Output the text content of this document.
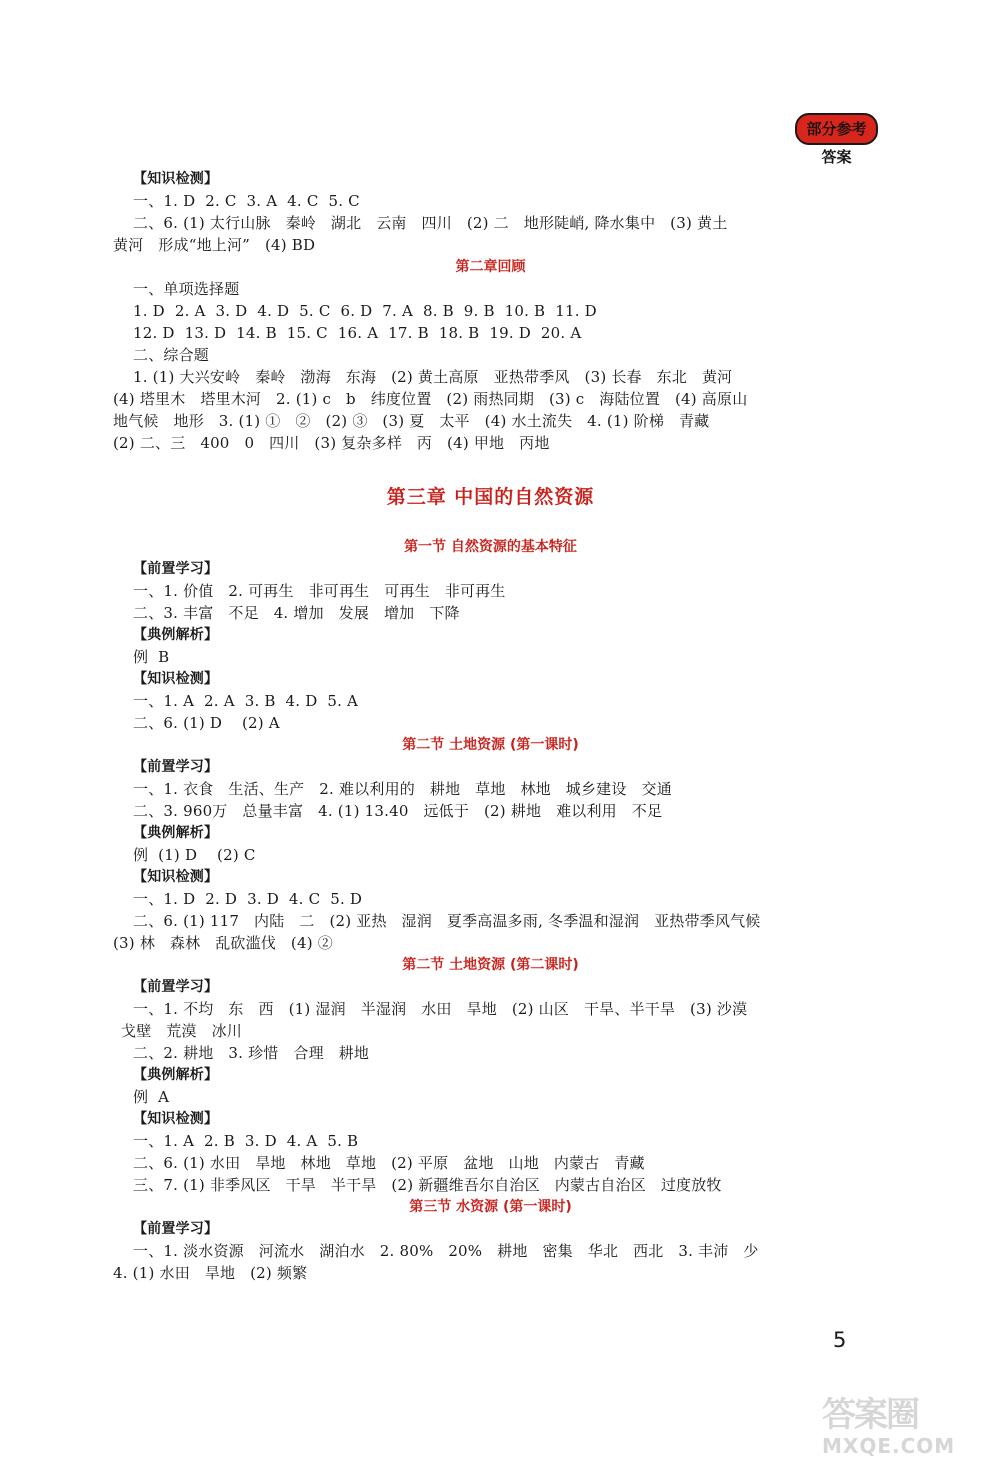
部分参考答案
【知识检测】
一、1. D  2. C  3. A  4. C  5. C
二、6. (1) 太行山脉   秦岭   湖北   云南   四川   (2) 二   地形陡峭, 降水集中   (3) 黄土
黄河   形成“地上河”   (4) BD
第二章回顾
一、单项选择题
1. D  2. A  3. D  4. D  5. C  6. D  7. A  8. B  9. B  10. B  11. D
12. D  13. D  14. B  15. C  16. A  17. B  18. B  19. D  20. A
二、综合题
1. (1) 大兴安岭   秦岭   渤海   东海   (2) 黄土高原   亚热带季风   (3) 长春   东北   黄河
(4) 塔里木   塔里木河   2. (1) c   b   纬度位置   (2) 雨热同期   (3) c   海陆位置   (4) 高原山
地气候   地形   3. (1) ①   ②   (2) ③   (3) 夏   太平   (4) 水土流失   4. (1) 阶梯   青藏
(2) 二、三   400   0   四川   (3) 复杂多样   丙   (4) 甲地   丙地
第三章 中国的自然资源
第一节 自然资源的基本特征
【前置学习】
一、1. 价值   2. 可再生   非可再生   可再生   非可再生
二、3. 丰富   不足   4. 增加   发展   增加   下降
【典例解析】
例  B
【知识检测】
一、1. A  2. A  3. B  4. D  5. A
二、6. (1) D    (2) A
第二节 土地资源 (第一课时)
【前置学习】
一、1. 衣食   生活、生产   2. 难以利用的   耕地   草地   林地   城乡建设   交通
二、3. 960万   总量丰富   4. (1) 13.40   远低于   (2) 耕地   难以利用   不足
【典例解析】
例  (1) D    (2) C
【知识检测】
一、1. D  2. D  3. D  4. C  5. D
二、6. (1) 117   内陆   二   (2) 亚热   湿润   夏季高温多雨, 冬季温和湿润   亚热带季风气候
(3) 林   森林   乱砍滥伐   (4) ②
第二节 土地资源 (第二课时)
【前置学习】
一、1. 不均   东   西   (1) 湿润   半湿润   水田   旱地   (2) 山区   干旱、半干旱   (3) 沙漠
戈壁   荒漠   冰川
二、2. 耕地   3. 珍惜   合理   耕地
【典例解析】
例  A
【知识检测】
一、1. A  2. B  3. D  4. A  5. B
二、6. (1) 水田   旱地   林地   草地   (2) 平原   盆地   山地   内蒙古   青藏
三、7. (1) 非季风区   干旱   半干旱   (2) 新疆维吾尔自治区   内蒙古自治区   过度放牧
第三节 水资源 (第一课时)
【前置学习】
一、1. 淡水资源   河流水   湖泊水   2. 80%   20%   耕地   密集   华北   西北   3. 丰沛   少
4. (1) 水田   旱地   (2) 频繁
5
答案圈
MXQE.COM
